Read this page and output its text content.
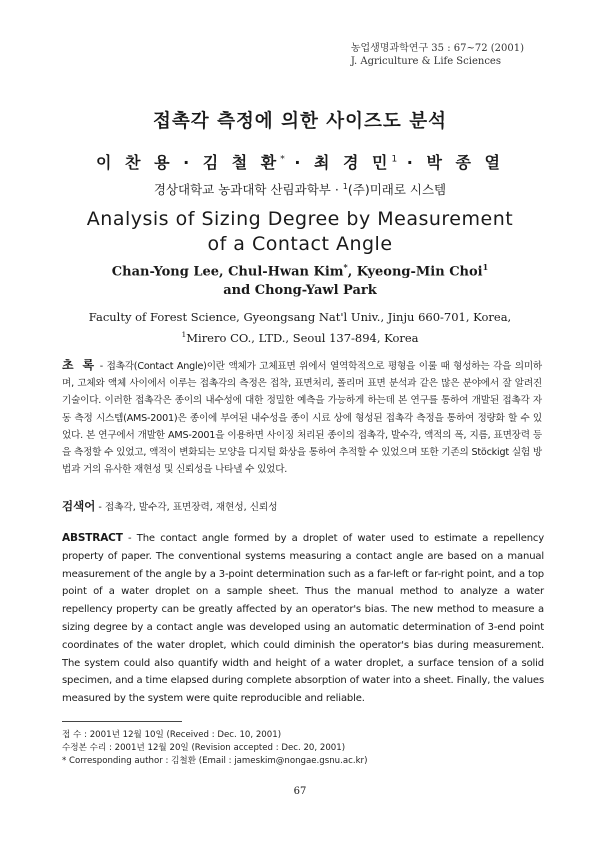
농업생명과학연구 35 : 67~72 (2001)
J. Agriculture & Life Sciences
접촉각 측정에 의한 사이즈도 분석
이 찬 용 · 김 철 환* · 최 경 민$^1$ · 박 종 열
경상대학교 농과대학 산림과학부 · $^1$(주)미래로 시스템
Analysis of Sizing Degree by Measurement
of a Contact Angle
Chan-Yong Lee, Chul-Hwan Kim*, Kyeong-Min Choi$^1$
and Chong-Yawl Park
Faculty of Forest Science, Gyeongsang Nat'l Univ., Jinju 660-701, Korea,
$^1$Mirero CO., LTD., Seoul 137-894, Korea
초 록 - 접촉각(Contact Angle)이란 액체가 고체표면 위에서 열역학적으로 평형을 이룰 때 형성하는 각을 의미하며, 고체와 액체 사이에서 이루는 접촉각의 측정은 접착, 표면처리, 폴리머 표면 분석과 같은 많은 분야에서 잘 알려진 기술이다. 이러한 접촉각은 종이의 내수성에 대한 정밀한 예측을 가능하게 하는데 본 연구를 통하여 개발된 접촉각 자동 측정 시스템(AMS-2001)은 종이에 부여된 내수성을 종이 시료 상에 형성된 접촉각 측정을 통하여 정량화 할 수 있었다. 본 연구에서 개발한 AMS-2001을 이용하면 사이징 처리된 종이의 접촉각, 발수각, 액적의 폭, 지름, 표면장력 등을 측정할 수 있었고, 액적이 변화되는 모양을 디지털 화상을 통하여 추적할 수 있었으며 또한 기존의 Stöckigt 실험 방법과 거의 유사한 재현성 및 신뢰성을 나타낼 수 있었다.
검색어 - 접촉각, 발수각, 표면장력, 재현성, 신뢰성
ABSTRACT - The contact angle formed by a droplet of water used to estimate a repellency property of paper. The conventional systems measuring a contact angle are based on a manual measurement of the angle by a 3-point determination such as a far-left or far-right point, and a top point of a water droplet on a sample sheet. Thus the manual method to analyze a water repellency property can be greatly affected by an operator's bias. The new method to measure a sizing degree by a contact angle was developed using an automatic determination of 3-end point coordinates of the water droplet, which could diminish the operator's bias during measurement. The system could also quantify width and height of a water droplet, a surface tension of a solid specimen, and a time elapsed during complete absorption of water into a sheet. Finally, the values measured by the system were quite reproducible and reliable.
접 수 : 2001년 12월 10일 (Received : Dec. 10, 2001)
수정본 수리 : 2001년 12월 20일 (Revision accepted : Dec. 20, 2001)
* Corresponding author : 김철환 (Email : jameskim@nongae.gsnu.ac.kr)
67
